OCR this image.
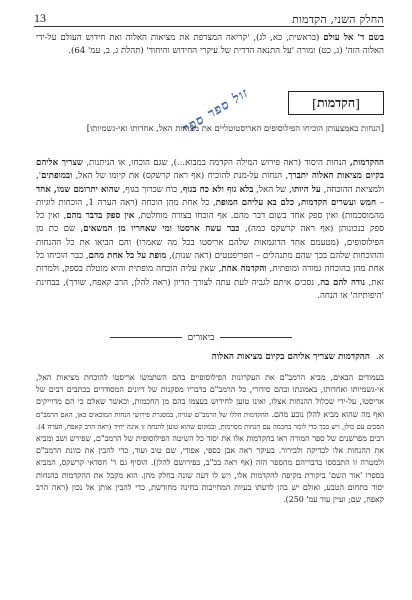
13	החלק השני, הקדמות
בשם ד' אל עולם (בראשית, כא, לג), 'קריאה המצרפת את מציאות האלוה ואת חידוש העולם על-ידי האלוה הזה' (ג, כט) ומורה 'על התנאה הדדית של עיקרי החידוש והיחוד' (תהלת ג, ב, עמ' 64).
[
הקדמות
]
זול ספר ספר
[הנחות באמצעותן הוכיחו הפילוסופים האריסטוטליים את מציאות האל, אחדותו ואי-גשמיותו]
ההקדמות, הנחות היסוד (ראה פירוש המילה הקדמה במבוא...), שגם הוכחו, או הניתנות, שצריך אליהם בקיום מציאות האלוה יתברך, הנחות על-מנת להוכיח (אף ראה קרשקס) את קיומו של האל, ובמופתים', ולמציאת ההוכחה, על היותו, של האל, בלא גוף ולא כח בגוף, כוח שכרוך בגוף, שהוא יתרומם שמו, אחד – חמש ועשרים הקדמות, כלם בא עליהם המופת, כל אחת מהן הוכחה (ראה הערה 1, הוכחות לוגיות מהמוסכמות) ואין ספק אחד בשום דבר מהם. אף הוכחו בצורה מוחלטת, אין ספק בדבר מהם, ואין כל ספק בנכונותן (אף ראה קרשקס כמה), כבר עשה ארסטו ומי שאחריו מן המשאים, שם כת מן הפילוסופים, (מטעמם אחד הדוגמאות שלהם אריסטו בכל מה שאמרו) והם הביאו את כל ההנחות וההוכחות שלהם בכך שהם מתנהלים – הפריפטטים (ראה שנות), מופת על כל אחת מהם, כבר הוכיחו כל אחת מהן בהוכחה גמורה ומופתית, והקדמה אחת, שאין עליה הוכחה מופתית והיא מוטלת בספק, ולמרות זאת, נודה להם בה, נסכים איתם לגביה לעת עתה לצורך הדיון (ראה להלן, הרב קאפח, שורך), בבחינת 'היפותיזה' או הנחה.
ביאורים
א.ההקדמות שצריך אליהם בקיום מציאות האלוה
בעמודים הבאים, מביא הרמב"ם את העקרונות הפילוסופיים בהם השתמשו אריסטו להוכחת מציאות האל, אי-גשמיותו ואחדותו, באמונתו ובהם סידורי, כל הרמב"ם בדבריו מסקנות של דיונים המסודרים בכתבים רבים של אריסטו, על-ידי שכלול ההנחות אצלו, ואינו טוען לחידוש בעצמו בהם מן החכמות, וכאשר שאלם כי הם מדוייקים ואף מה שהוא מביא להלן נובע מהם. ההקדמות הללו של הרמב"ם שגויה, במסגרת פירושי הנחות המובאים כאן, האם הרמב"ם הסכים עם כולן, ויש בכך כדי לומר בחכמה עם הנחות מסוימות, ובמקום שהוא טוען להנחה זו אינה יחיד (ראה הרב קאפח, הערה 4). רבים מפרשנים של ספר המורה ראו בהקדמות אלו את יסוד כל השיטה הפילוסופית של הרמב"ם, שפירש ושב ומביא את ההנחות אלו לבדיקה ולבירור. בעיקר ראה אבן כספי, אפודי, שם טוב ועוד, כדי להבין את כוונת הרמב"ם ולמטרה זו התבססו בדבריהם מהספר הזה (אף ראה בכ"ב, בפירושם להלן). הוסיף גם ר' חסדאי קרשקס, המביא בספרו 'אור השם' ביקורת מקיפה להקדמות אלו, ויש לו דעה שונה בחלק מהן. הוא מקבל את ההקדמות כהנחות יסוד בתחום הטבע, ואולם יש בהן לדעתו בעיות המחייבות בחינה מחודשת, כדי להבין אותן אל נכון (ראה הרב קאפח, שם; ועיין עוד עמ' 250).
